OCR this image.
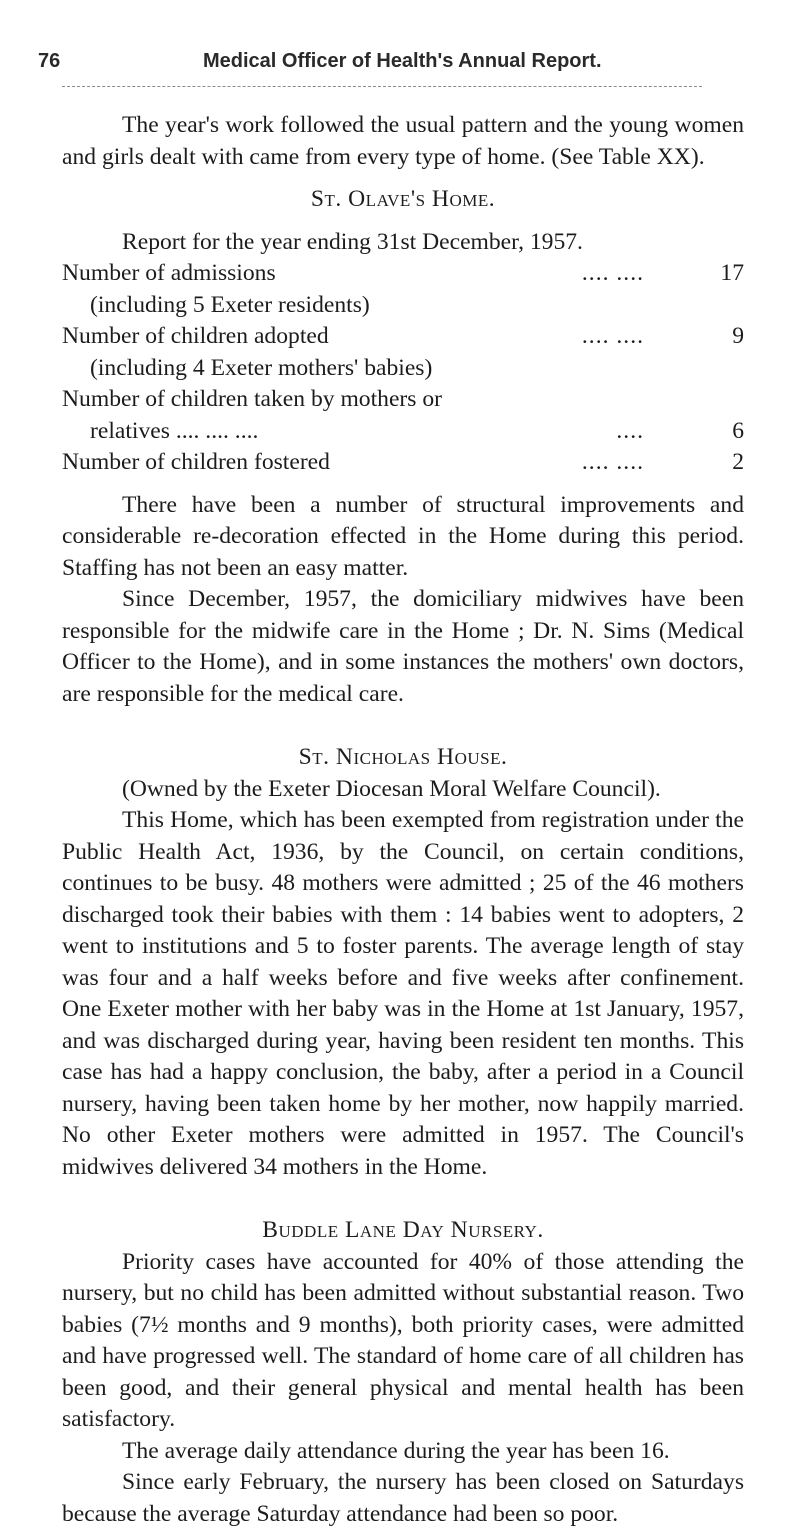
76	Medical Officer of Health's Annual Report.

The year's work followed the usual pattern and the young women and girls dealt with came from every type of home. (See Table XX).

St. Olave's Home.

Report for the year ending 31st December, 1957.

Number of admissions	.... ....	17
(including 5 Exeter residents)
Number of children adopted	.... ....	9
(including 4 Exeter mothers' babies)
Number of children taken by mothers or
relatives .... .... ....	....	6
Number of children fostered	.... ....	2

There have been a number of structural improvements and considerable re-decoration effected in the Home during this period. Staffing has not been an easy matter.

Since December, 1957, the domiciliary midwives have been responsible for the midwife care in the Home ; Dr. N. Sims (Medical Officer to the Home), and in some instances the mothers' own doctors, are responsible for the medical care.

St. Nicholas House.

(Owned by the Exeter Diocesan Moral Welfare Council).

This Home, which has been exempted from registration under the Public Health Act, 1936, by the Council, on certain conditions, continues to be busy. 48 mothers were admitted ; 25 of the 46 mothers discharged took their babies with them : 14 babies went to adopters, 2 went to institutions and 5 to foster parents. The average length of stay was four and a half weeks before and five weeks after confinement. One Exeter mother with her baby was in the Home at 1st January, 1957, and was discharged during year, having been resident ten months. This case has had a happy conclusion, the baby, after a period in a Council nursery, having been taken home by her mother, now happily married. No other Exeter mothers were admitted in 1957. The Council's midwives delivered 34 mothers in the Home.

Buddle Lane Day Nursery.

Priority cases have accounted for 40% of those attending the nursery, but no child has been admitted without substantial reason. Two babies (7½ months and 9 months), both priority cases, were admitted and have progressed well. The standard of home care of all children has been good, and their general physical and mental health has been satisfactory.

The average daily attendance during the year has been 16.

Since early February, the nursery has been closed on Saturdays because the average Saturday attendance had been so poor.
